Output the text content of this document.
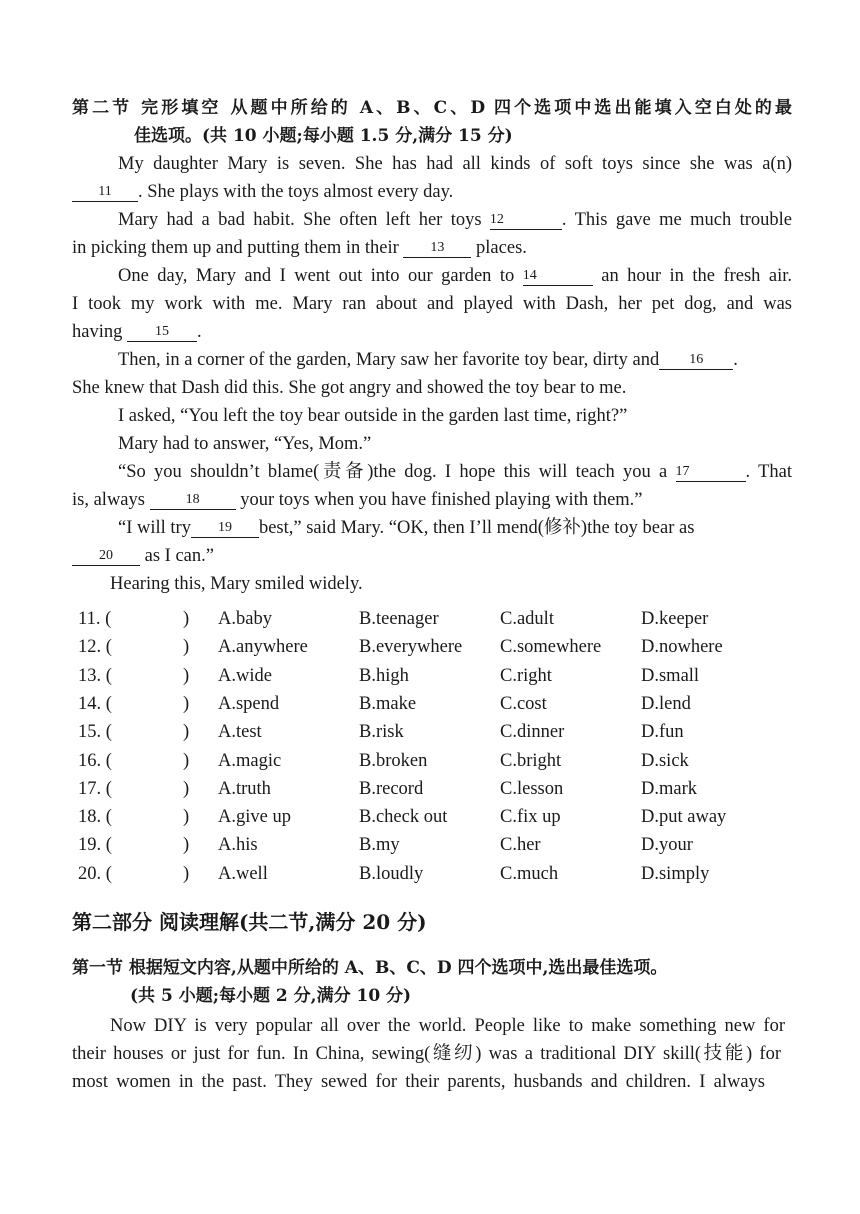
第二节 完形填空 从题中所给的 A、B、C、D 四个选项中选出能填入空白处的最
佳选项。(共 10 小题;每小题 1.5 分,满分 15 分)
My daughter Mary is seven. She has had all kinds of soft toys since she was a(n)
11 . She plays with the toys almost every day.
Mary had a bad habit. She often left her toys 12	. This gave me much trouble
in picking them up and putting them in their 13 places.
One day, Mary and I went out into our garden to 14	an hour in the fresh air.
I took my work with me. Mary ran about and played with Dash, her pet dog, and was
having 15 .
Then, in a corner of the garden, Mary saw her favorite toy bear, dirty and 16 .
She knew that Dash did this. She got angry and showed the toy bear to me.
I asked, “You left the toy bear outside in the garden last time, right?”
Mary had to answer, “Yes, Mom.”
“So you shouldn’t blame(责备)the dog. I hope this will teach you a 17	. That
is, always	18 your toys when you have finished playing with them.”
“I will try 19 best,” said Mary. “OK, then I’ll mend(修补)the toy bear as
20 as I can.”
Hearing this, Mary smiled widely.
11. (	) A.baby	B.teenager	C.adult	D.keeper
12. (	) A.anywhere	B.everywhere C.somewhere D.nowhere
13. (	) A.wide	B.high	C.right	D.small
14. (	) A.spend	B.make	C.cost	D.lend
15. (	) A.test	B.risk	C.dinner	D.fun
16. (	) A.magic	B.broken	C.bright	D.sick
17. (	) A.truth	B.record	C.lesson	D.mark
18. (	) A.give up	B.check out	C.fix up	D.put away
19. (	) A.his	B.my	C.her	D.your
20. (	) A.well	B.loudly	C.much	D.simply
第二部分 阅读理解(共二节,满分 20 分)
第一节 根据短文内容,从题中所给的 A、B、C、D 四个选项中,选出最佳选项。
(共 5 小题;每小题 2 分,满分 10 分)
Now DIY is very popular all over the world. People like to make something new for
their houses or just for fun. In China, sewing(缝纫) was a traditional DIY skill(技能) for
most women in the past. They sewed for their parents, husbands and children. I always
